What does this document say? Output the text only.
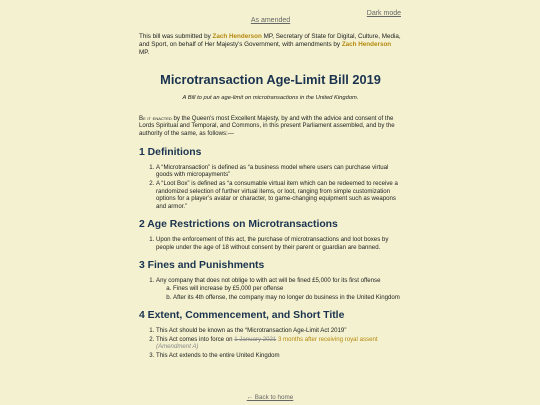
Dark mode
As amended
This bill was submitted by Zach Henderson MP, Secretary of State for Digital, Culture, Media, and Sport, on behalf of Her Majesty's Government, with amendments by Zach Henderson MP.
Microtransaction Age-Limit Bill 2019
A Bill to put an age-limit on microtransactions in the United Kingdom.
Be it enacted by the Queen's most Excellent Majesty, by and with the advice and consent of the Lords Spiritual and Temporal, and Commons, in this present Parliament assembled, and by the authority of the same, as follows:—
1 Definitions
1. A “Microtransaction” is defined as “a business model where users can purchase virtual goods with micropayments”
2. A “Loot Box” is defined as “a consumable virtual item which can be redeemed to receive a randomized selection of further virtual items, or loot, ranging from simple customization options for a player’s avatar or character, to game-changing equipment such as weapons and armor.”
2 Age Restrictions on Microtransactions
1. Upon the enforcement of this act, the purchase of microtransactions and loot boxes by people under the age of 18 without consent by their parent or guardian are banned.
3 Fines and Punishments
1. Any company that does not oblige to with act will be fined £5,000 for its first offense
a. Fines will increase by £5,000 per offense
b. After its 4th offense, the company may no longer do business in the United Kingdom
4 Extent, Commencement, and Short Title
1. This Act should be known as the “Microtransaction Age-Limit Act 2019”
2. This Act comes into force on 1 January 2021 3 months after receiving royal assent (Amendment A)
3. This Act extends to the entire United Kingdom
← Back to home
